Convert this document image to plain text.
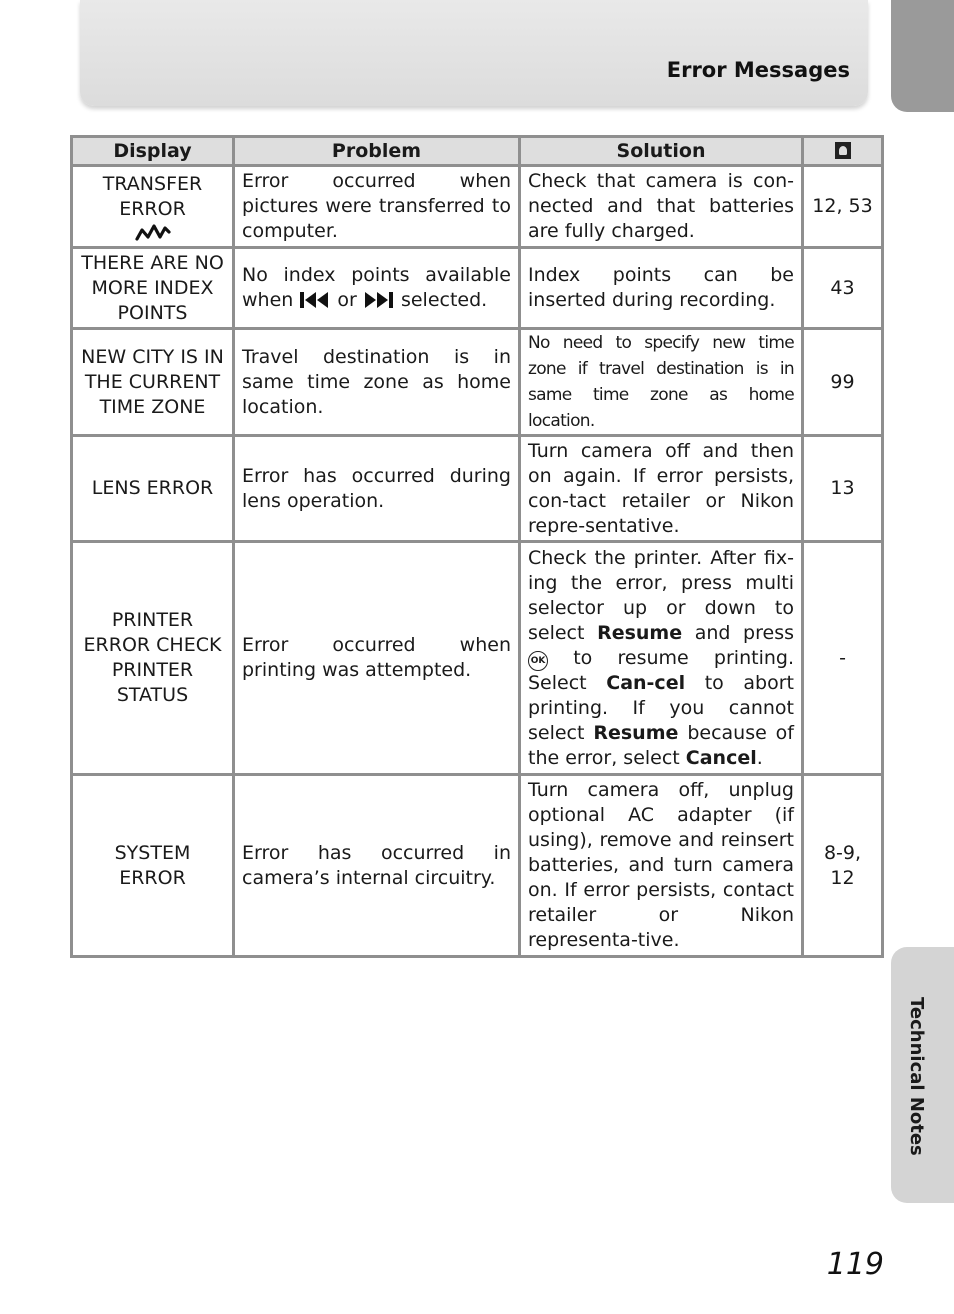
Error Messages
Technical Notes
Display	Problem	Solution	

TRANSFER ERROR	Error occurred when pictures were transferred to computer.	Check that camera is con-nected and that batteries are fully charged.	12, 53
THERE ARE NO MORE INDEX POINTS	No index points available when or selected.	Index points can be inserted during recording.	43
NEW CITY IS IN THE CURRENT TIME ZONE	Travel destination is in same time zone as home location.	No need to specify new time zone if travel destination is in same time zone as home location.	99
LENS ERROR	Error has occurred during lens operation.	Turn camera off and then on again. If error persists, con-tact retailer or Nikon repre-sentative.	13
PRINTER ERROR CHECK PRINTER STATUS	Error occurred when printing was attempted.	Check the printer. After fix-ing the error, press multi selector up or down to select Resume and press OK to resume printing. Select Can-cel to abort printing. If you cannot select Resume because of the error, select Cancel.	-
SYSTEM ERROR	Error has occurred in camera’s internal circuitry.	Turn camera off, unplug optional AC adapter (if using), remove and reinsert batteries, and turn camera on. If error persists, contact retailer or Nikon representa-tive.	8-9, 12
119
